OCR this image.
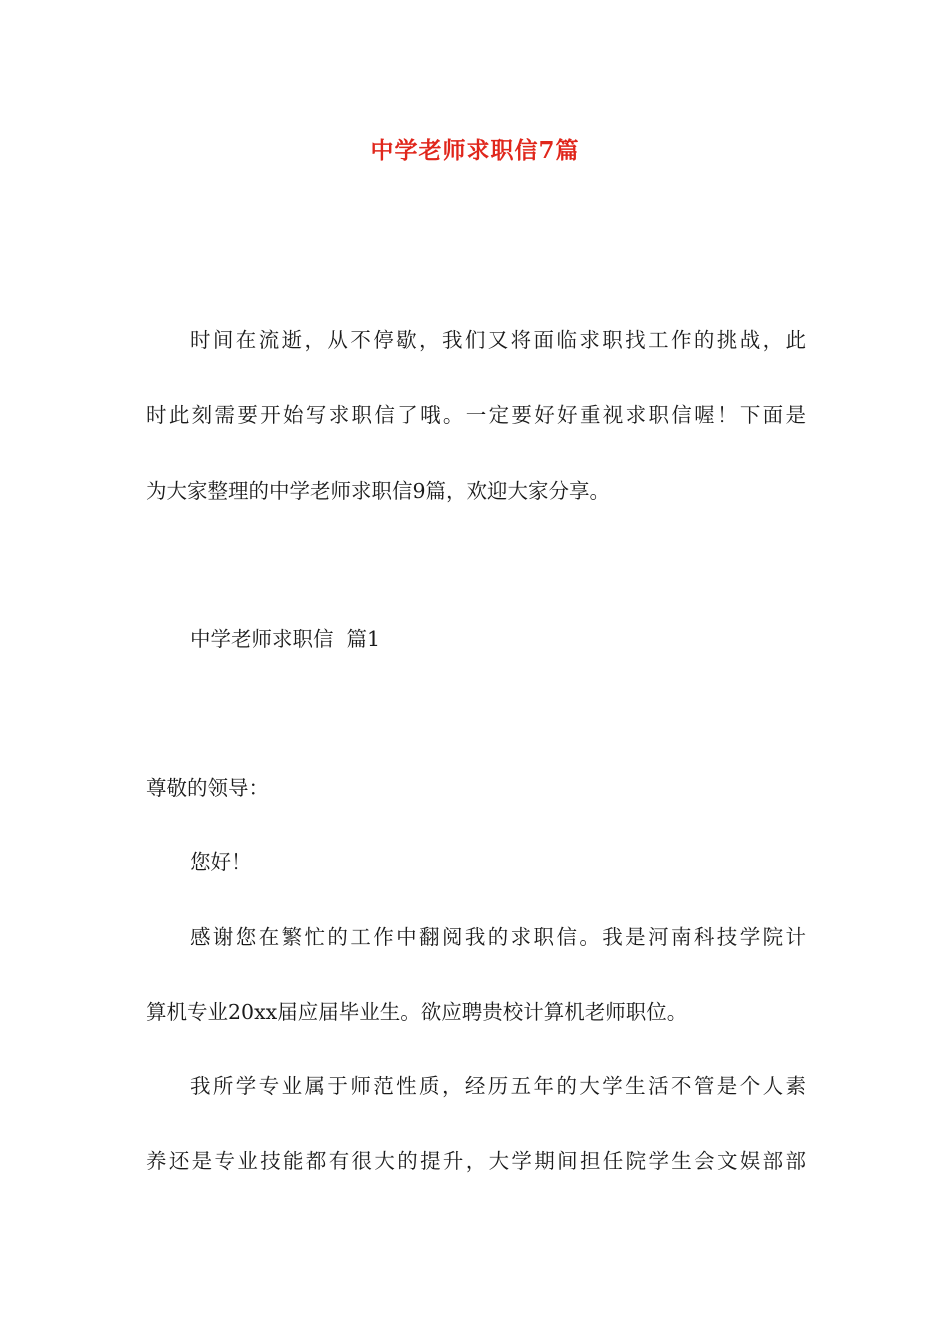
中学老师求职信7篇
时间在流逝，从不停歇，我们又将面临求职找工作的挑战，此
时此刻需要开始写求职信了哦。一定要好好重视求职信喔！下面是
为大家整理的中学老师求职信9篇，欢迎大家分享。
中学老师求职信  篇1
尊敬的领导：
您好！
感谢您在繁忙的工作中翻阅我的求职信。我是河南科技学院计
算机专业20xx届应届毕业生。欲应聘贵校计算机老师职位。
我所学专业属于师范性质，经历五年的大学生活不管是个人素
养还是专业技能都有很大的提升，大学期间担任院学生会文娱部部
